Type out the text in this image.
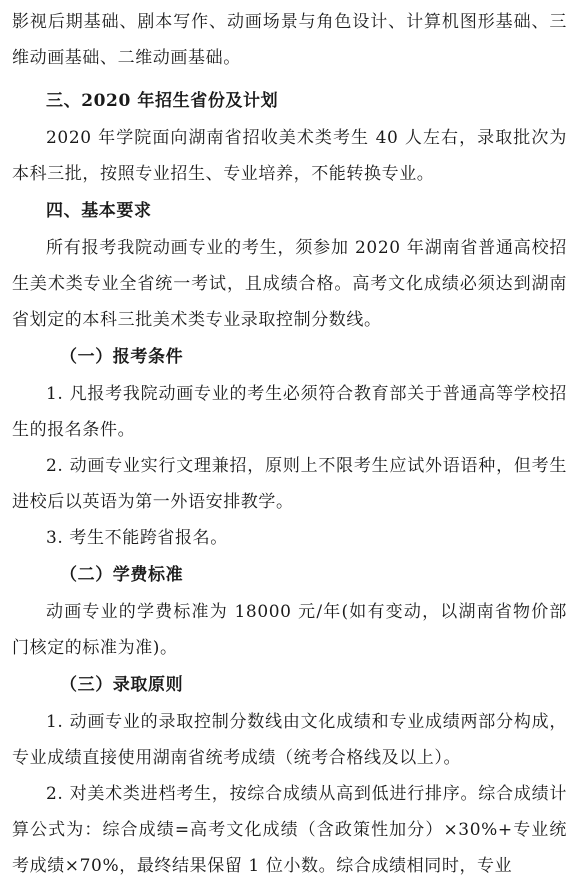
影视后期基础、剧本写作、动画场景与角色设计、计算机图形基础、三维动画基础、二维动画基础。

三、2020 年招生省份及计划

2020 年学院面向湖南省招收美术类考生 40 人左右，录取批次为本科三批，按照专业招生、专业培养，不能转换专业。

四、基本要求

所有报考我院动画专业的考生，须参加 2020 年湖南省普通高校招生美术类专业全省统一考试，且成绩合格。高考文化成绩必须达到湖南省划定的本科三批美术类专业录取控制分数线。

（一）报考条件

1. 凡报考我院动画专业的考生必须符合教育部关于普通高等学校招生的报名条件。

2. 动画专业实行文理兼招，原则上不限考生应试外语语种，但考生进校后以英语为第一外语安排教学。

3. 考生不能跨省报名。

（二）学费标准

动画专业的学费标准为 18000 元/年(如有变动，以湖南省物价部门核定的标准为准)。

（三）录取原则

1. 动画专业的录取控制分数线由文化成绩和专业成绩两部分构成，专业成绩直接使用湖南省统考成绩（统考合格线及以上）。

2. 对美术类进档考生，按综合成绩从高到低进行排序。综合成绩计算公式为：综合成绩=高考文化成绩（含政策性加分）×30%+专业统考成绩×70%，最终结果保留 1 位小数。综合成绩相同时，专业
